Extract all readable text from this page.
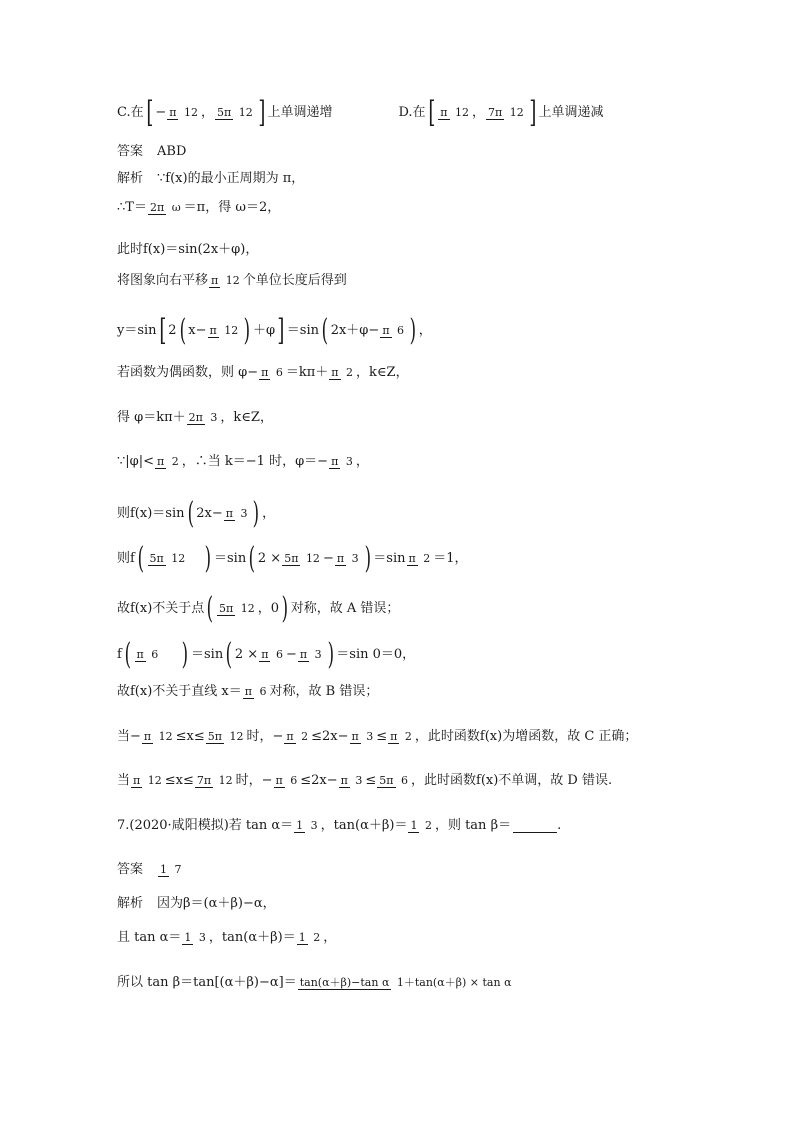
C.在 [ − π 12 ， 5π 12 ] 上单调递增	D.在 [ π 12 ， 7π 12 ] 上单调递减
答案 ABD
解析 ∵f(x)的最小正周期为 π，
∴T＝ 2π ω ＝π，得 ω＝2，
此时f(x)＝sin(2x＋φ)，
将图象向右平移 π 12 个单位长度后得到
y＝sin [ 2 ( x− π 12 ) ＋φ ] ＝sin ( 2x＋φ− π 6 ) ，
若函数为偶函数，则 φ− π 6 ＝kπ＋ π 2 ，k∈Z，
得 φ＝kπ＋ 2π 3 ，k∈Z，
∵|φ|< π 2 ，∴当 k＝−1 时，φ＝− π 3 ，
则f(x)＝sin ( 2x− π 3 ) ，
则f ( 5π 12 ) ＝sin ( 2 × 5π 12 − π 3 ) ＝sin π 2 ＝1，
故f(x)不关于点 ( 5π 12 ，0 ) 对称，故 A 错误；
f ( π 6 ) ＝sin ( 2 × π 6 − π 3 ) ＝sin 0＝0，
故f(x)不关于直线 x＝ π 6 对称，故 B 错误；
当− π 12 ≤x≤ 5π 12 时，− π 2 ≤2x− π 3 ≤ π 2 ，此时函数f(x)为增函数，故 C 正确；
当 π 12 ≤x≤ 7π 12 时，− π 6 ≤2x− π 3 ≤ 5π 6 ，此时函数f(x)不单调，故 D 错误.
7.(2020·咸阳模拟)若 tan α＝ 1 3 ，tan(α＋β)＝ 1 2 ，则 tan β＝	.
答案 1 7
解析 因为β＝(α＋β)−α，
且 tan α＝ 1 3 ，tan(α＋β)＝ 1 2 ，
所以 tan β＝tan[(α＋β)−α]＝ tan(α＋β)−tan α 1＋tan(α＋β) × tan α
